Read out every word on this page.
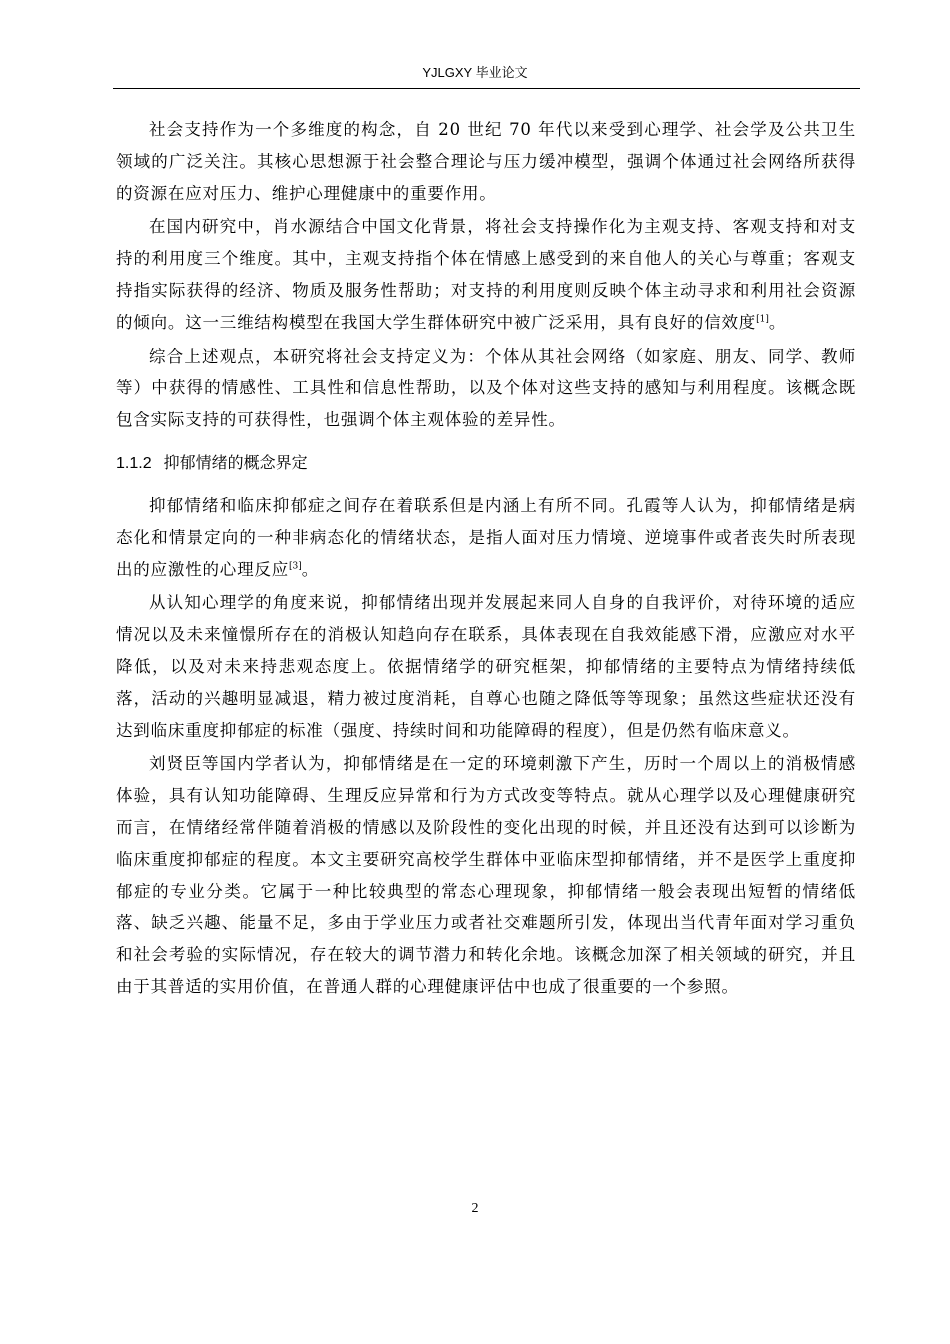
YJLGXY 毕业论文

社会支持作为一个多维度的构念，自 20 世纪 70 年代以来受到心理学、社会学及公共卫生领域的广泛关注。其核心思想源于社会整合理论与压力缓冲模型，强调个体通过社会网络所获得的资源在应对压力、维护心理健康中的重要作用。

在国内研究中，肖水源结合中国文化背景，将社会支持操作化为主观支持、客观支持和对支持的利用度三个维度。其中，主观支持指个体在情感上感受到的来自他人的关心与尊重；客观支持指实际获得的经济、物质及服务性帮助；对支持的利用度则反映个体主动寻求和利用社会资源的倾向。这一三维结构模型在我国大学生群体研究中被广泛采用，具有良好的信效度[1]。

综合上述观点，本研究将社会支持定义为：个体从其社会网络（如家庭、朋友、同学、教师等）中获得的情感性、工具性和信息性帮助，以及个体对这些支持的感知与利用程度。该概念既包含实际支持的可获得性，也强调个体主观体验的差异性。

1.1.2 抑郁情绪的概念界定

抑郁情绪和临床抑郁症之间存在着联系但是内涵上有所不同。孔霞等人认为，抑郁情绪是病态化和情景定向的一种非病态化的情绪状态，是指人面对压力情境、逆境事件或者丧失时所表现出的应激性的心理反应[3]。

从认知心理学的角度来说，抑郁情绪出现并发展起来同人自身的自我评价，对待环境的适应情况以及未来憧憬所存在的消极认知趋向存在联系，具体表现在自我效能感下滑，应激应对水平降低，以及对未来持悲观态度上。依据情绪学的研究框架，抑郁情绪的主要特点为情绪持续低落，活动的兴趣明显减退，精力被过度消耗，自尊心也随之降低等等现象；虽然这些症状还没有达到临床重度抑郁症的标准（强度、持续时间和功能障碍的程度），但是仍然有临床意义。

刘贤臣等国内学者认为，抑郁情绪是在一定的环境刺激下产生，历时一个周以上的消极情感体验，具有认知功能障碍、生理反应异常和行为方式改变等特点。就从心理学以及心理健康研究而言，在情绪经常伴随着消极的情感以及阶段性的变化出现的时候，并且还没有达到可以诊断为临床重度抑郁症的程度。本文主要研究高校学生群体中亚临床型抑郁情绪，并不是医学上重度抑郁症的专业分类。它属于一种比较典型的常态心理现象，抑郁情绪一般会表现出短暂的情绪低落、缺乏兴趣、能量不足，多由于学业压力或者社交难题所引发，体现出当代青年面对学习重负和社会考验的实际情况，存在较大的调节潜力和转化余地。该概念加深了相关领域的研究，并且由于其普适的实用价值，在普通人群的心理健康评估中也成了很重要的一个参照。

2
